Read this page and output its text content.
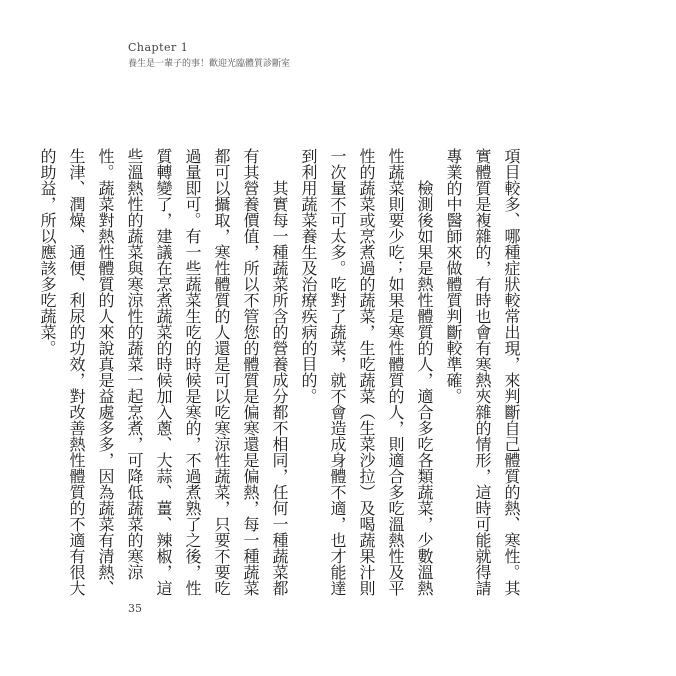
Chapter 1
養生是一輩子的事！歡迎光臨體質診斷室

項目較多、哪種症狀較常出現，來判斷自己體質的熱、寒性。其實體質是複雜的，有時也會有寒熱夾雜的情形，這時可能就得請專業的中醫師來做體質判斷較準確。

檢測後如果是熱性體質的人，適合多吃各類蔬菜，少數溫熱性蔬菜則要少吃；如果是寒性體質的人，則適合多吃溫熱性及平性的蔬菜或烹煮過的蔬菜，生吃蔬菜（生菜沙拉）及喝蔬果汁則一次量不可太多。吃對了蔬菜，就不會造成身體不適，也才能達到利用蔬菜養生及治療疾病的目的。

其實每一種蔬菜所含的營養成分都不相同，任何一種蔬菜都有其營養價值，所以不管您的體質是偏寒還是偏熱，每一種蔬菜都可以攝取，寒性體質的人還是可以吃寒涼性蔬菜，只要不要吃過量即可。有一些蔬菜生吃的時候是寒的，不過煮熟了之後，性質轉變了，建議在烹煮蔬菜的時候加入蔥、大蒜、薑、辣椒，這些溫熱性的蔬菜與寒涼性的蔬菜一起烹煮，可降低蔬菜的寒涼性。蔬菜對熱性體質的人來說真是益處多多，因為蔬菜有清熱、生津、潤燥、通便、利尿的功效，對改善熱性體質的不適有很大的助益，所以應該多吃蔬菜。

35
